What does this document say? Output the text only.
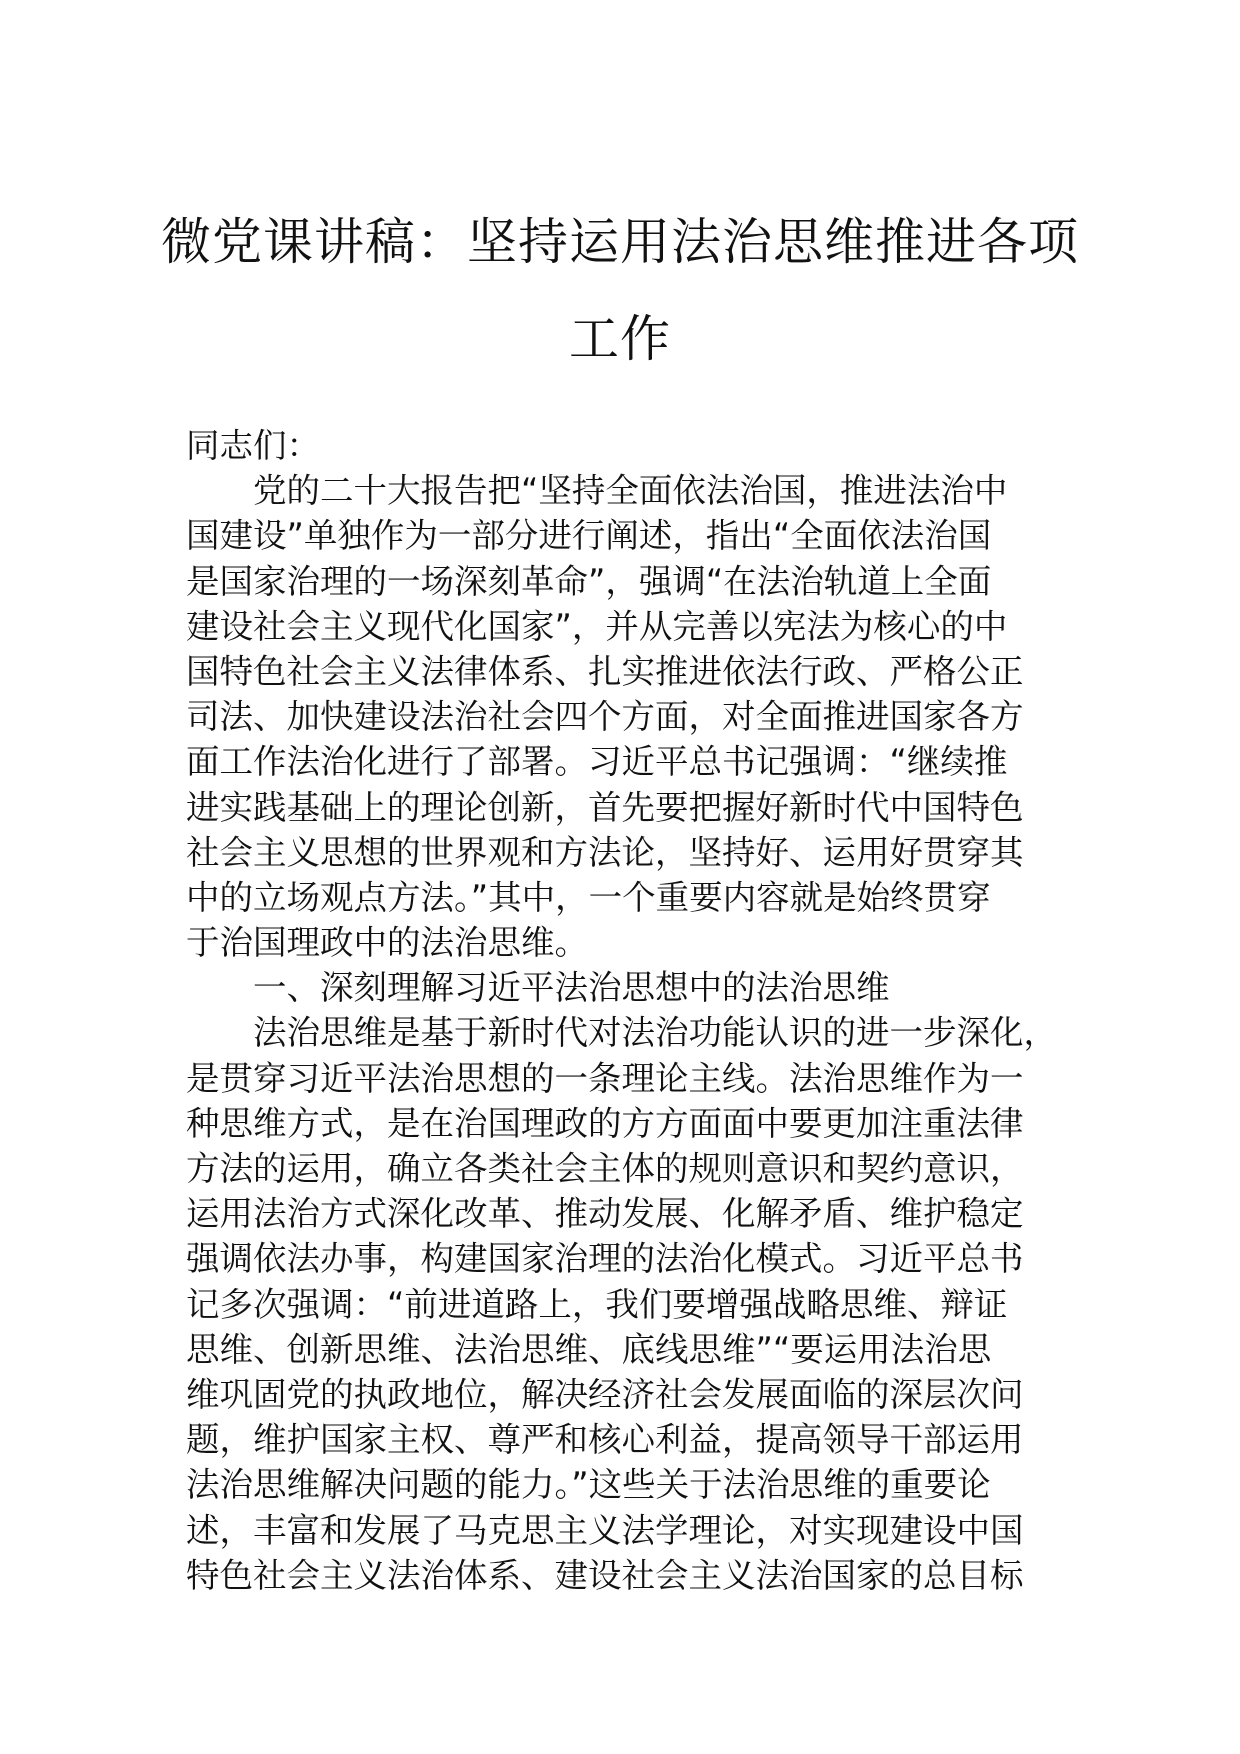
微党课讲稿：坚持运用法治思维推进各项
工作
同志们：
党的二十大报告把“坚持全面依法治国，推进法治中
国建设”单独作为一部分进行阐述，指出“全面依法治国
是国家治理的一场深刻革命”，强调“在法治轨道上全面
建设社会主义现代化国家”，并从完善以宪法为核心的中
国特色社会主义法律体系、扎实推进依法行政、严格公正
司法、加快建设法治社会四个方面，对全面推进国家各方
面工作法治化进行了部署。习近平总书记强调：“继续推
进实践基础上的理论创新，首先要把握好新时代中国特色
社会主义思想的世界观和方法论，坚持好、运用好贯穿其
中的立场观点方法。”其中，一个重要内容就是始终贯穿
于治国理政中的法治思维。
一、深刻理解习近平法治思想中的法治思维
法治思维是基于新时代对法治功能认识的进一步深化，
是贯穿习近平法治思想的一条理论主线。法治思维作为一
种思维方式，是在治国理政的方方面面中要更加注重法律
方法的运用，确立各类社会主体的规则意识和契约意识，
运用法治方式深化改革、推动发展、化解矛盾、维护稳定
强调依法办事，构建国家治理的法治化模式。习近平总书
记多次强调：“前进道路上，我们要增强战略思维、辩证
思维、创新思维、法治思维、底线思维”“要运用法治思
维巩固党的执政地位，解决经济社会发展面临的深层次问
题，维护国家主权、尊严和核心利益，提高领导干部运用
法治思维解决问题的能力。”这些关于法治思维的重要论
述，丰富和发展了马克思主义法学理论，对实现建设中国
特色社会主义法治体系、建设社会主义法治国家的总目标
